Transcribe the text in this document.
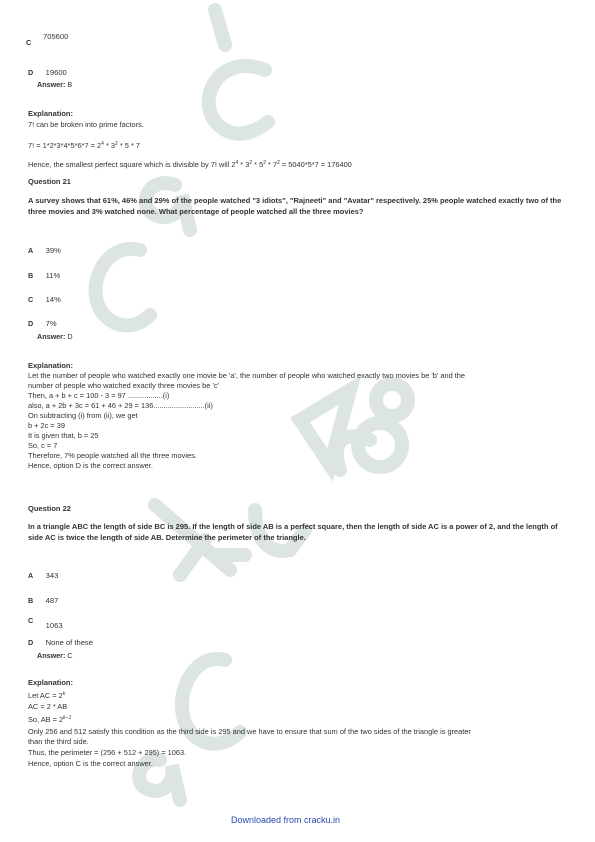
C
705600
D 19600
Answer: B
Explanation:
7! can be broken into prime factors.
7! = $1*2*3*4*5*6*7 = 2^4 * 3^2 * 5 * 7$
Hence, the smallest perfect square which is divisible by 7! will $2^4 * 3^2 * 5^2 * 7^2 = 5040*5*7 = 176400$
Question 21
A survey shows that 61%, 46% and 29% of the people watched "3 idiots", "Rajneeti" and "Avatar" respectively. 25% people watched exactly two of the three movies and 3% watched none. What percentage of people watched all the three movies?
A 39%
B 11%
C 14%
D 7%
Answer: D
Explanation:
Let the number of people who watched exactly one movie be 'a', the number of people who watched exactly two movies be 'b' and the
number of people who watched exactly three movies be 'c'
Then, a + b + c = 100 - 3 = 97 .................(i)
also, a + 2b + 3c = 61 + 46 + 29 = 136.........................(ii)
On subtracting (i) from (ii), we get
b + 2c = 39
It is given that, b = 25
So, c = 7
Therefore, 7% people watched all the three movies.
Hence, option D is the correct answer.
Question 22
In a triangle ABC the length of side BC is 295. If the length of side AB is a perfect square, then the length of side AC is a power of 2, and the length of side AC is twice the length of side AB. Determine the perimeter of the triangle.
A 343
B 487
C 1063
D None of these
Answer: C
Explanation:
Let AC = $2^k$
AC = 2 * AB
So, AB = $2^{k-1}$
Only 256 and 512 satisfy this condition as the third side is 295 and we have to ensure that sum of the two sides of the triangle is greater
than the third side.
Thus, the perimeter = (256 + 512 + 295) = 1063.
Hence, option C is the correct answer.
Downloaded from cracku.in
